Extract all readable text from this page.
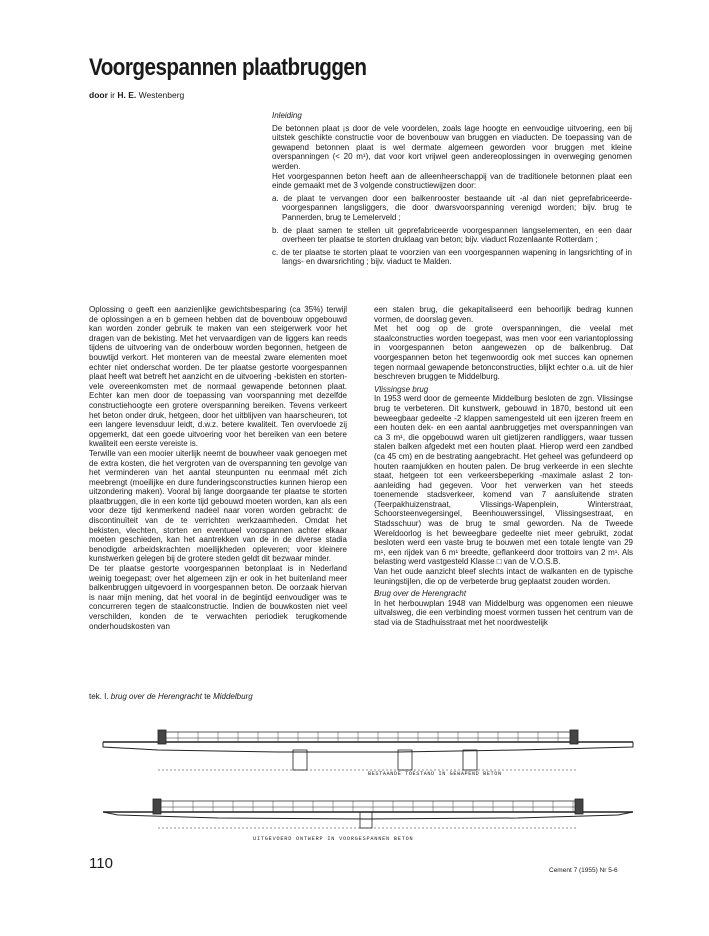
Voorgespannen plaatbruggen
door ir H. E. Westenberg

Inleiding

De betonnen plaat ¡s door de vele voordelen, zoals lage hoogte en eenvoudige uitvoering, een bij uitstek geschikte constructie voor de bovenbouw van bruggen en viaducten. De toepassing van de gewapend betonnen plaat is wel dermate algemeen geworden voor bruggen met kleine overspanningen (< 20 m¹), dat voor kort vrijwel geen andereoplossingen in overweging genomen werden.

Het voorgespannen beton heeft aan de alleenheerschappij van de traditionele betonnen plaat een einde gemaakt met de 3 volgende constructiewijzen door:

a. de plaat te vervangen door een balkenrooster bestaande uit -al dan niet geprefabriceerde- voorgespannen langsliggers, die door dwarsvoorspanning verenigd worden; bijv. brug te Pannerden, brug te Lemelerveld ;

b. de plaat samen te stellen uit geprefabriceerde voorgespannen langselementen, en een daar overheen ter plaatse te storten druklaag van beton; bijv. viaduct Rozenlaante Rotterdam ;

c. de ter plaatse te storten plaat te voorzien van een voorgespannen wapening in langsrichting of in langs- en dwarsrichting ; bijv. viaduct te Malden.

Oplossing o geeft een aanzienlijke gewichtsbesparing (ca 35%) terwijl de oplossingen a en b gemeen hebben dat de bovenbouw opgebouwd kan worden zonder gebruik te maken van een steigerwerk voor het dragen van de bekisting. Met het vervaardigen van de liggers kan reeds tijdens de uitvoering van de onderbouw worden begonnen, hetgeen de bouwtijd verkort. Het monteren van de meestal zware elementen moet echter niet onderschat worden. De ter plaatse gestorte voorgespannen plaat heeft wat betreft het aanzicht en de uitvoering -bekisten en storten-vele overeenkomsten met de normaal gewapende betonnen plaat. Echter kan men door de toepassing van voorspanning met dezelfde constructiehoogte een grotere overspanning bereiken. Tevens verkeert het beton onder druk, hetgeen, door het uitblijven van haarscheuren, tot een langere levensduur leidt, d.w.z. betere kwaliteit. Ten overvloede zij opgemerkt, dat een goede uitvoering voor het bereiken van een betere kwaliteit een eerste vereiste is.

Terwille van een mooier uiterlijk neemt de bouwheer vaak genoegen met de extra kosten, die het vergroten van de overspanning ten gevolge van het verminderen van het aantal steunpunten nu eenmaal mét zich meebrengt (moeilijke en dure funderingsconstructies kunnen hierop een uitzondering maken). Vooral bij lange doorgaande ter plaatse te storten plaatbruggen, die in een korte tijd gebouwd moeten worden, kan als een voor deze tijd kenmerkend nadeel naar voren worden gebracht: de discontinuïteit van de te verrichten werkzaamheden. Omdat het bekisten, vlechten, storten en eventueel voorspannen achter elkaar moeten geschieden, kan het aantrekken van de in de diverse stadia benodigde arbeidskrachten moeilijkheden opleveren; voor kleinere kunstwerken gelegen bij de grotere steden geldt dit bezwaar minder.

De ter plaatse gestorte voorgespannen betonplaat is in Nederland weinig toegepast; over het algemeen zijn er ook in het buitenland meer balkenbruggen uitgevoerd in voorgespannen beton. De oorzaak hiervan is naar mijn mening, dat het vooral in de begintijd eenvoudiger was te concurreren tegen de staalconstructie. Indien de bouwkosten niet veel verschilden, konden de te verwachten periodiek terugkomende onderhoudskosten van

een stalen brug, die gekapitaliseerd een behoorlijk bedrag kunnen vormen, de doorslag geven.

Met het oog op de grote overspanningen, die veelal met staalconstructies worden toegepast, was men voor een variantoplossing in voorgespannen beton aangewezen op de balkenbrug. Dat voorgespannen beton het tegenwoordig ook met succes kan opnemen tegen normaal gewapende betonconstructies, blijkt echter o.a. uit de hier beschreven bruggen te Middelburg.

Vlissingse brug

In 1953 werd door de gemeente Middelburg besloten de zgn. Vlissingse brug te verbeteren. Dit kunstwerk, gebouwd in 1870, bestond uit een beweegbaar gedeelte -2 klappen samengesteld uit een ijzeren freem en een houten dek- en een aantal aanbruggetjes met overspanningen van ca 3 m¹, die opgebouwd waren uit gietijzeren randliggers, waar tussen stalen balken afgedekt met een houten plaat. Hierop werd een zandbed (ca 45 cm) en de bestrating aangebracht. Het geheel was gefundeerd op houten raamjukken en houten palen. De brug verkeerde in een slechte staat, hetgeen tot een verkeersbeperking -maximale aslast 2 ton- aanleiding had gegeven. Voor het verwerken van het steeds toenemende stadsverkeer, komend van 7 aansluitende straten (Teerpakhuizenstraat, Vlissings-Wapenplein, Winterstraat, Schoorsteenvegersingel, Beenhouwerssingel, Vlissingsestraat, en Stadsschuur) was de brug te smal geworden. Na de Tweede Wereldoorlog is het beweegbare gedeelte niet meer gebruikt, zodat besloten werd een vaste brug te bouwen met een totale lengte van 29 m¹, een rijdek van 6 m¹ breedte, geflankeerd door trottoirs van 2 m¹. Als belasting werd vastgesteld Klasse □ van de V.O.S.B.

Van het oude aanzicht bleef slechts intact de walkanten en de typische leuningstijlen, die op de verbeterde brug geplaatst zouden worden.

Brug over de Herengracht

In het herbouwplan 1948 van Middelburg was opgenomen een nieuwe uitvalsweg, die een verbinding moest vormen tussen het centrum van de stad via de Stadhuisstraat met het noordwestelijk

tek. I. brug over de Herengracht te Middelburg
BESTAANDE TOESTAND IN GEWAPEND BETON
UITGEVOERD ONTWERP IN VOORGESPANNEN BETON
110	Cement 7 (1955) Nr 5-6
